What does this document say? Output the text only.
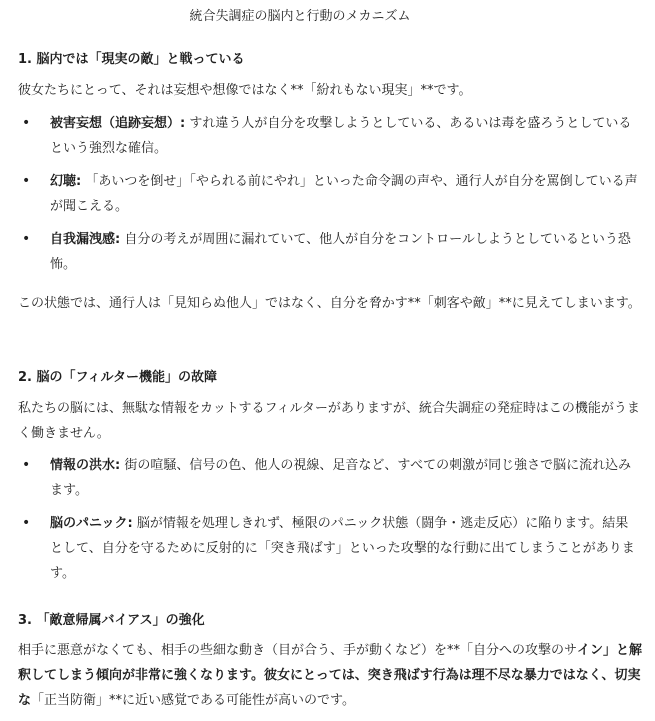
統合失調症の脳内と行動のメカニズム
1. 脳内では「現実の敵」と戦っている
彼女たちにとって、それは妄想や想像ではなく**「紛れもない現実」**です。
• 被害妄想（追跡妄想）: すれ違う人が自分を攻撃しようとしている、あるいは毒を盛ろうとしているという強烈な確信。
• 幻聴: 「あいつを倒せ」「やられる前にやれ」といった命令調の声や、通行人が自分を罵倒している声が聞こえる。
• 自我漏洩感: 自分の考えが周囲に漏れていて、他人が自分をコントロールしようとしているという恐怖。
この状態では、通行人は「見知らぬ他人」ではなく、自分を脅かす**「刺客や敵」**に見えてしまいます。
2. 脳の「フィルター機能」の故障
私たちの脳には、無駄な情報をカットするフィルターがありますが、統合失調症の発症時はこの機能がうまく働きません。
• 情報の洪水: 街の喧騒、信号の色、他人の視線、足音など、すべての刺激が同じ強さで脳に流れ込みます。
• 脳のパニック: 脳が情報を処理しきれず、極限のパニック状態（闘争・逃走反応）に陥ります。結果として、自分を守るために反射的に「突き飛ばす」といった攻撃的な行動に出てしまうことがあります。
3. 「敵意帰属バイアス」の強化
相手に悪意がなくても、相手の些細な動き（目が合う、手が動くなど）を**「自分への攻撃のサイン」と解釈してしまう傾向が非常に強くなります。彼女にとっては、突き飛ばす行為は理不尽な暴力ではなく、切実な「正当防衛」**に近い感覚である可能性が高いのです。
